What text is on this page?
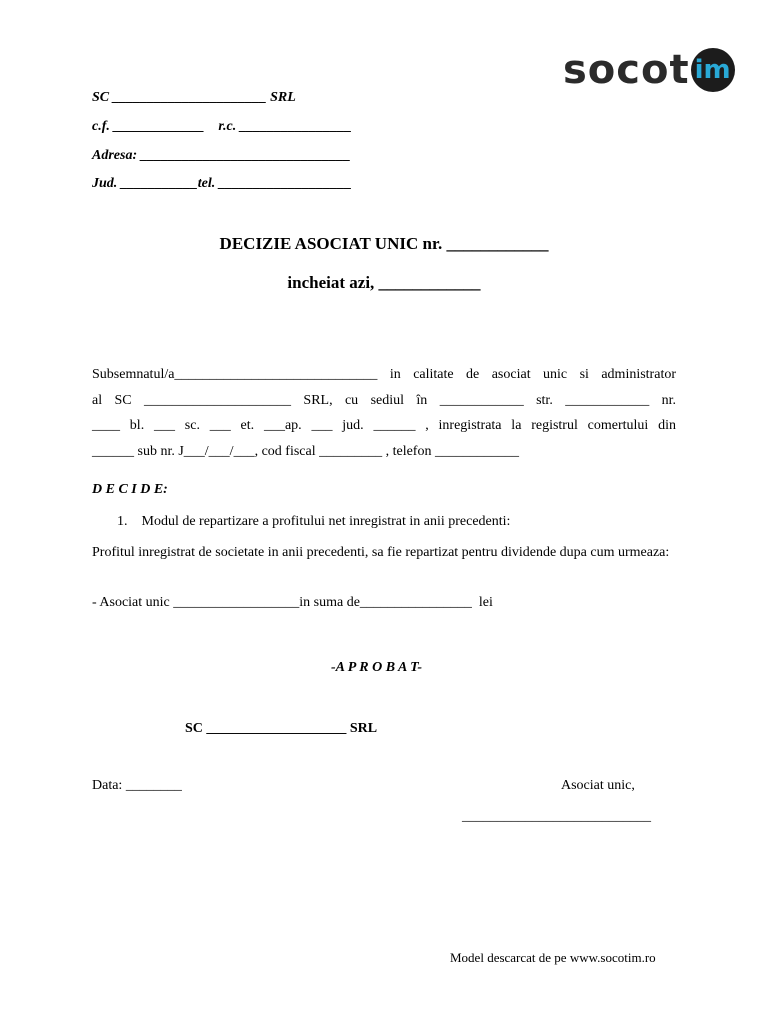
socot im
SC ______________________ SRL
c.f. _____________    r.c. ________________
Adresa: ______________________________
Jud. ___________tel. ___________________
DECIZIE ASOCIAT UNIC nr. ____________
incheiat azi, ____________
Subsemnatul/a_____________________________ in calitate de asociat unic si administrator
al SC _____________________ SRL, cu sediul în ____________ str. ____________ nr.
____ bl. ___ sc. ___ et. ___ap. ___ jud. ______ , inregistrata la registrul comertului din
______ sub nr. J___/___/___, cod fiscal _________ , telefon ____________
D E C I D E:
1.    Modul de repartizare a profitului net inregistrat in anii precedenti:
Profitul inregistrat de societate in anii precedenti, sa fie repartizat pentru dividende dupa cum urmeaza:
- Asociat unic __________________in suma de________________  lei
-A P R O B A T-
SC ____________________ SRL
Data: ________	Asociat unic,
___________________________
Model descarcat de pe www.socotim.ro
